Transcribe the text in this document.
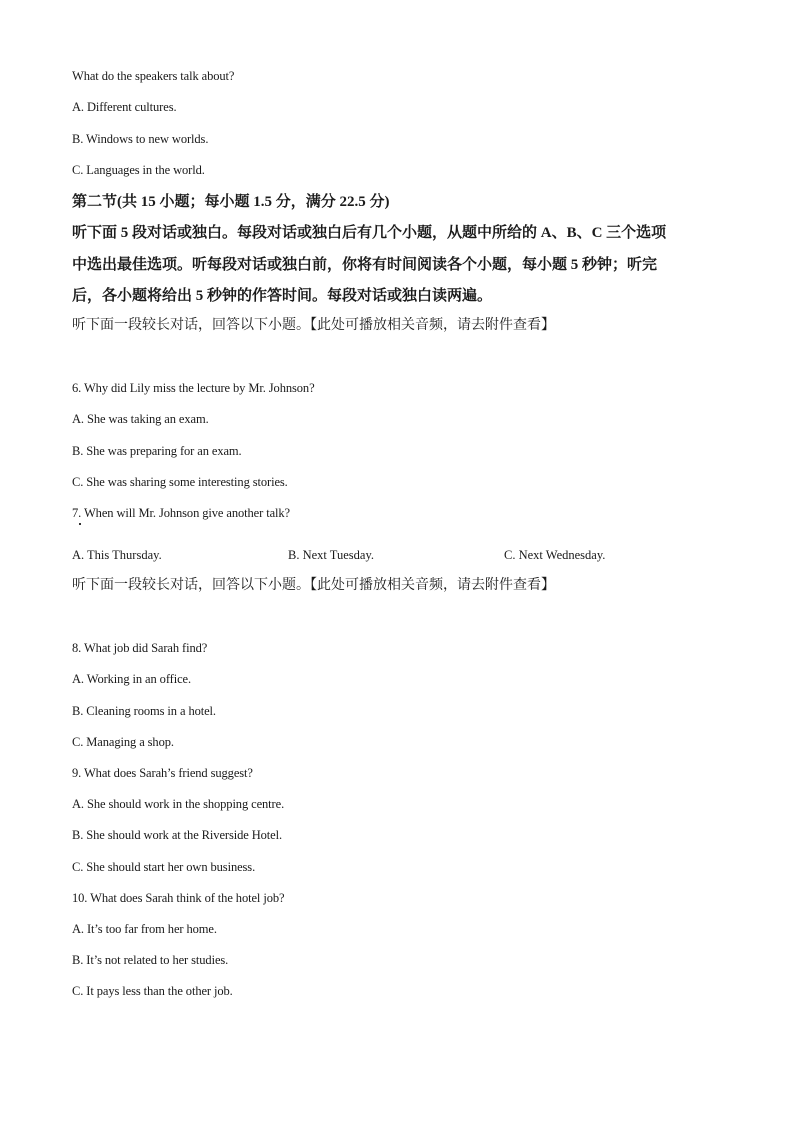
What do the speakers talk about?
A. Different cultures.
B. Windows to new worlds.
C. Languages in the world.
第二节(共 15 小题；每小题 1.5 分，满分 22.5 分)
听下面 5 段对话或独白。每段对话或独白后有几个小题，从题中所给的 A、B、C 三个选项
中选出最佳选项。听每段对话或独白前，你将有时间阅读各个小题，每小题 5 秒钟；听完
后，各小题将给出 5 秒钟的作答时间。每段对话或独白读两遍。
听下面一段较长对话，回答以下小题。【此处可播放相关音频，请去附件查看】
6. Why did Lily miss the lecture by Mr. Johnson?
A. She was taking an exam.
B. She was preparing for an exam.
C. She was sharing some interesting stories.
7. When will Mr. Johnson give another talk?
A. This Thursday.	B. Next Tuesday.	C. Next Wednesday.
听下面一段较长对话，回答以下小题。【此处可播放相关音频，请去附件查看】
8. What job did Sarah find?
A. Working in an office.
B. Cleaning rooms in a hotel.
C. Managing a shop.
9. What does Sarah’s friend suggest?
A. She should work in the shopping centre.
B. She should work at the Riverside Hotel.
C. She should start her own business.
10. What does Sarah think of the hotel job?
A. It’s too far from her home.
B. It’s not related to her studies.
C. It pays less than the other job.
